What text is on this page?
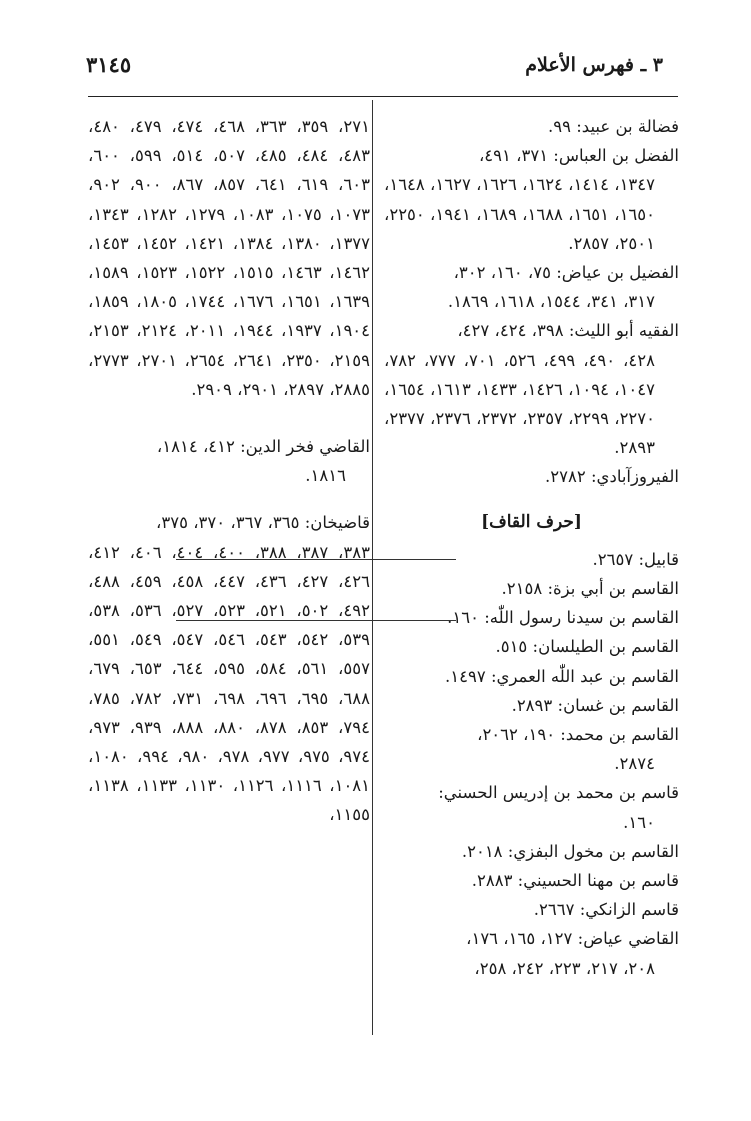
٣١٤٥	٣ ـ فهرس الأعلام

فضالة بن عبيد: ٩٩.

الفضل بن العباس: ٣٧١، ٤٩١،
١٣٤٧، ١٤١٤، ١٦٢٤، ١٦٢٦، ١٦٢٧، ١٦٤٨، ١٦٥٠، ١٦٥١، ١٦٨٨، ١٦٨٩، ١٩٤١، ٢٢٥٠، ٢٥٠١، ٢٨٥٧.

الفضيل بن عياض: ٧٥، ١٦٠، ٣٠٢،
٣١٧، ٣٤١، ١٥٤٤، ١٦١٨، ١٨٦٩.

الفقيه أبو الليث: ٣٩٨، ٤٢٤، ٤٢٧،
٤٢٨، ٤٩٠، ٤٩٩، ٥٢٦، ٧٠١، ٧٧٧، ٧٨٢، ١٠٤٧، ١٠٩٤، ١٤٢٦، ١٤٣٣، ١٦١٣، ١٦٥٤، ٢٢٧٠، ٢٢٩٩، ٢٣٥٧، ٢٣٧٢، ٢٣٧٦، ٢٣٧٧، ٢٨٩٣.

الفيروزآبادي: ٢٧٨٢.

[حرف القاف]

قابيل: ٢٦٥٧.

القاسم بن أبي بزة: ٢١٥٨.

القاسم بن سيدنا رسول اللّٰه: ١٦٠.

القاسم بن الطيلسان: ٥١٥.

القاسم بن عبد اللّٰه العمري: ١٤٩٧.

القاسم بن غسان: ٢٨٩٣.

القاسم بن محمد: ١٩٠، ٢٠٦٢،
٢٨٧٤.

قاسم بن محمد بن إدريس الحسني:
١٦٠.

القاسم بن مخول البفزي: ٢٠١٨.

قاسم بن مهنا الحسيني: ٢٨٨٣.

قاسم الزانكي: ٢٦٦٧.

القاضي عياض: ١٢٧، ١٦٥، ١٧٦،
٢٠٨، ٢١٧، ٢٢٣، ٢٤٢، ٢٥٨،

٢٧١، ٣٥٩، ٣٦٣، ٤٦٨، ٤٧٤، ٤٧٩، ٤٨٠، ٤٨٣، ٤٨٤، ٤٨٥، ٥٠٧، ٥١٤، ٥٩٩، ٦٠٠، ٦٠٣، ٦١٩، ٦٤١، ٨٥٧، ٨٦٧، ٩٠٠، ٩٠٢، ١٠٧٣، ١٠٧٥، ١٠٨٣، ١٢٧٩، ١٢٨٢، ١٣٤٣، ١٣٧٧، ١٣٨٠، ١٣٨٤، ١٤٢١، ١٤٥٢، ١٤٥٣، ١٤٦٢، ١٤٦٣، ١٥١٥، ١٥٢٢، ١٥٢٣، ١٥٨٩، ١٦٣٩، ١٦٥١، ١٦٧٦، ١٧٤٤، ١٨٠٥، ١٨٥٩، ١٩٠٤، ١٩٣٧، ١٩٤٤، ٢٠١١، ٢١٢٤، ٢١٥٣، ٢١٥٩، ٢٣٥٠، ٢٦٤١، ٢٦٥٤، ٢٧٠١، ٢٧٧٣، ٢٨٨٥، ٢٨٩٧، ٢٩٠١، ٢٩٠٩.

القاضي فخر الدين: ٤١٢، ١٨١٤،
١٨١٦.

قاضيخان: ٣٦٥، ٣٦٧، ٣٧٠، ٣٧٥،
٣٨٣، ٣٨٧، ٣٨٨، ٤٠٠، ٤٠٤، ٤٠٦، ٤١٢، ٤٢٦، ٤٢٧، ٤٣٦، ٤٤٧، ٤٥٨، ٤٥٩، ٤٨٨، ٤٩٢، ٥٠٢، ٥٢١، ٥٢٣، ٥٢٧، ٥٣٦، ٥٣٨، ٥٣٩، ٥٤٢، ٥٤٣، ٥٤٦، ٥٤٧، ٥٤٩، ٥٥١، ٥٥٧، ٥٦١، ٥٨٤، ٥٩٥، ٦٤٤، ٦٥٣، ٦٧٩، ٦٨٨، ٦٩٥، ٦٩٦، ٦٩٨، ٧٣١، ٧٨٢، ٧٨٥، ٧٩٤، ٨٥٣، ٨٧٨، ٨٨٠، ٨٨٨، ٩٣٩، ٩٧٣، ٩٧٤، ٩٧٥، ٩٧٧، ٩٧٨، ٩٨٠، ٩٩٤، ١٠٨٠، ١٠٨١، ١١١٦، ١١٢٦، ١١٣٠، ١١٣٣، ١١٣٨، ١١٥٥،
